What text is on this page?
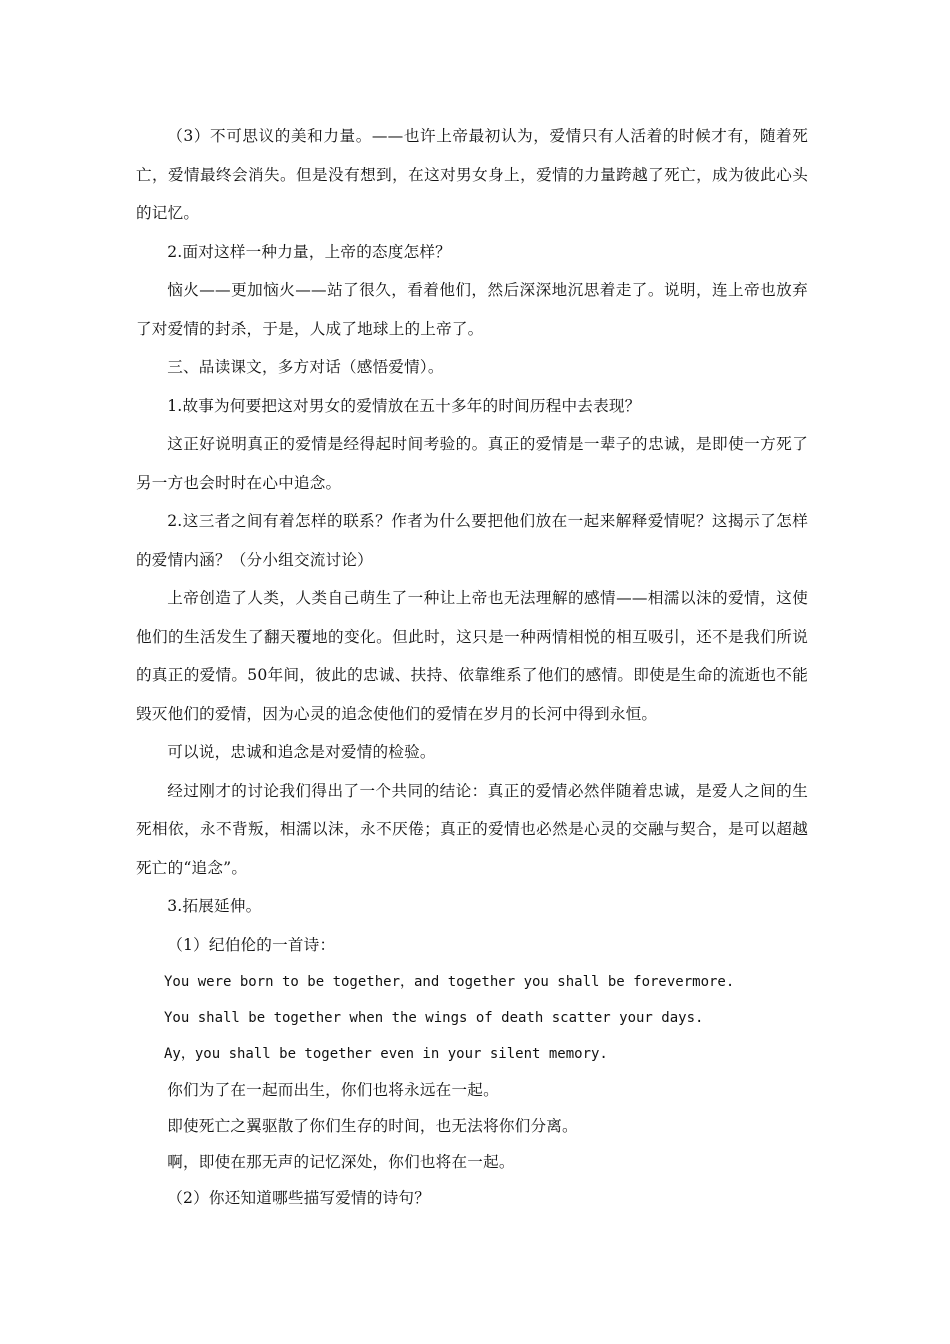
（3）不可思议的美和力量。——也许上帝最初认为，爱情只有人活着的时候才有，随着死亡，爱情最终会消失。但是没有想到，在这对男女身上，爱情的力量跨越了死亡，成为彼此心头的记忆。

2.面对这样一种力量，上帝的态度怎样？

恼火——更加恼火——站了很久，看着他们，然后深深地沉思着走了。说明，连上帝也放弃了对爱情的封杀，于是，人成了地球上的上帝了。

三、品读课文，多方对话（感悟爱情）。

1.故事为何要把这对男女的爱情放在五十多年的时间历程中去表现？

这正好说明真正的爱情是经得起时间考验的。真正的爱情是一辈子的忠诚，是即使一方死了另一方也会时时在心中追念。

2.这三者之间有着怎样的联系？作者为什么要把他们放在一起来解释爱情呢？这揭示了怎样的爱情内涵？（分小组交流讨论）

上帝创造了人类，人类自己萌生了一种让上帝也无法理解的感情——相濡以沫的爱情，这使他们的生活发生了翻天覆地的变化。但此时，这只是一种两情相悦的相互吸引，还不是我们所说的真正的爱情。50年间，彼此的忠诚、扶持、依靠维系了他们的感情。即使是生命的流逝也不能毁灭他们的爱情，因为心灵的追念使他们的爱情在岁月的长河中得到永恒。

可以说，忠诚和追念是对爱情的检验。

经过刚才的讨论我们得出了一个共同的结论：真正的爱情必然伴随着忠诚，是爱人之间的生死相依，永不背叛，相濡以沫，永不厌倦；真正的爱情也必然是心灵的交融与契合，是可以超越死亡的“追念”。

3.拓展延伸。

（1）纪伯伦的一首诗：

You were born to be together，and together you shall be forevermore.

You shall be together when the wings of death scatter your days.

Ay，you shall be together even in your silent memory.

你们为了在一起而出生，你们也将永远在一起。

即使死亡之翼驱散了你们生存的时间，也无法将你们分离。

啊，即使在那无声的记忆深处，你们也将在一起。

（2）你还知道哪些描写爱情的诗句？
